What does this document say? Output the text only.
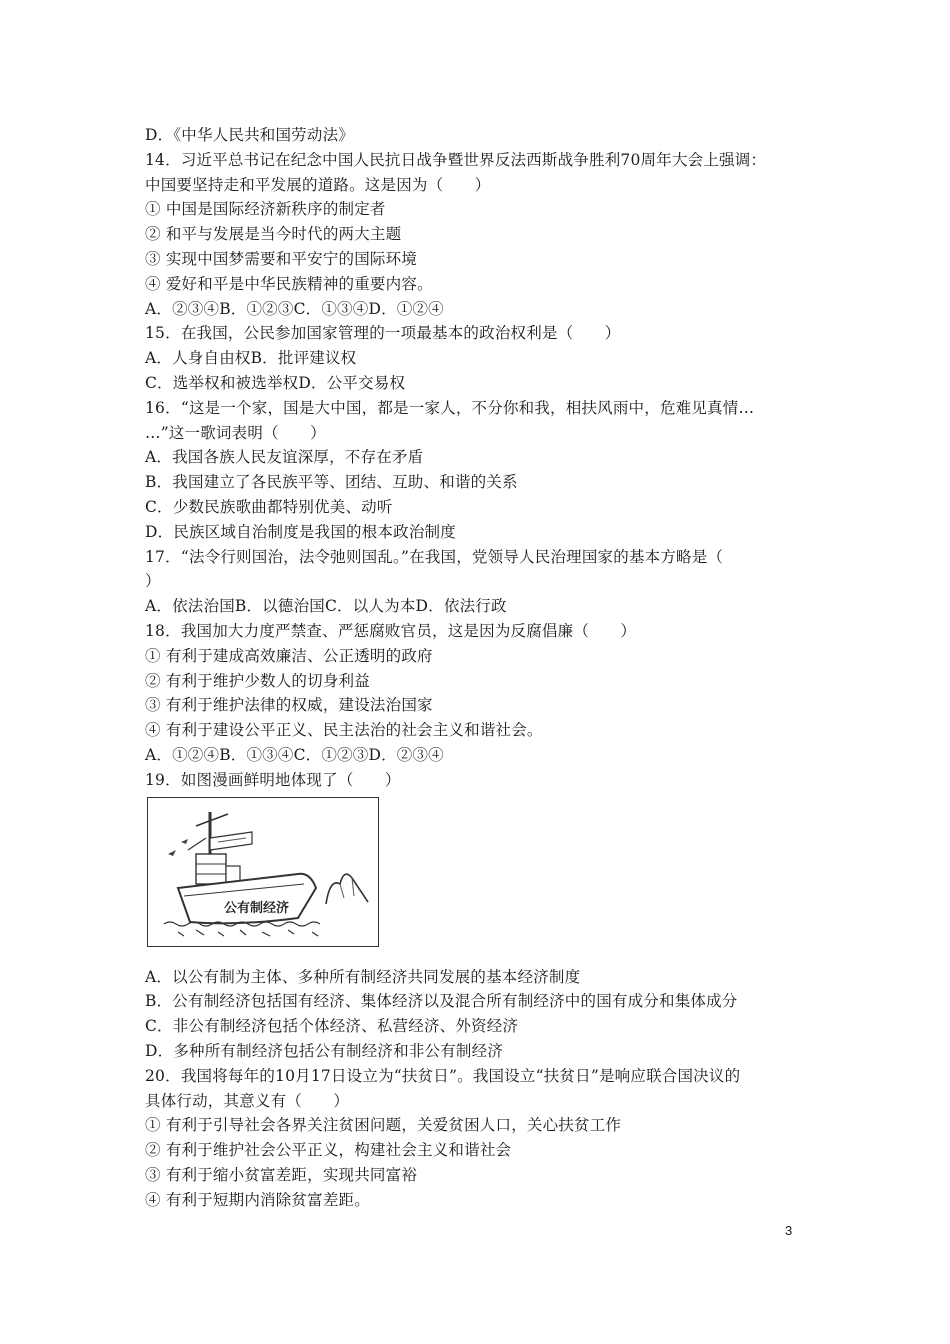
D．《中华人民共和国劳动法》
14．习近平总书记在纪念中国人民抗日战争暨世界反法西斯战争胜利70周年大会上强调：
中国要坚持走和平发展的道路。这是因为（　　）
① 中国是国际经济新秩序的制定者
② 和平与发展是当今时代的两大主题
③ 实现中国梦需要和平安宁的国际环境
④ 爱好和平是中华民族精神的重要内容。
A．②③④B．①②③C．①③④D．①②④
15．在我国，公民参加国家管理的一项最基本的政治权利是（　　）
A．人身自由权B．批评建议权
C．选举权和被选举权D．公平交易权
16．“这是一个家，国是大中国，都是一家人，不分你和我，相扶风雨中，危难见真情…
…”这一歌词表明（　　）
A．我国各族人民友谊深厚，不存在矛盾
B．我国建立了各民族平等、团结、互助、和谐的关系
C．少数民族歌曲都特别优美、动听
D．民族区域自治制度是我国的根本政治制度
17．“法令行则国治，法令弛则国乱。”在我国，党领导人民治理国家的基本方略是（
）
A．依法治国B．以德治国C．以人为本D．依法行政
18．我国加大力度严禁查、严惩腐败官员，这是因为反腐倡廉（　　）
① 有利于建成高效廉洁、公正透明的政府
② 有利于维护少数人的切身利益
③ 有利于维护法律的权威，建设法治国家
④ 有利于建设公平正义、民主法治的社会主义和谐社会。
A．①②④B．①③④C．①②③D．②③④
19．如图漫画鲜明地体现了（　　）
公有制经济
A．以公有制为主体、多种所有制经济共同发展的基本经济制度
B．公有制经济包括国有经济、集体经济以及混合所有制经济中的国有成分和集体成分
C．非公有制经济包括个体经济、私营经济、外资经济
D．多种所有制经济包括公有制经济和非公有制经济
20．我国将每年的10月17日设立为“扶贫日”。我国设立“扶贫日”是响应联合国决议的
具体行动，其意义有（　　）
① 有利于引导社会各界关注贫困问题，关爱贫困人口，关心扶贫工作
② 有利于维护社会公平正义，构建社会主义和谐社会
③ 有利于缩小贫富差距，实现共同富裕
④ 有利于短期内消除贫富差距。
3
